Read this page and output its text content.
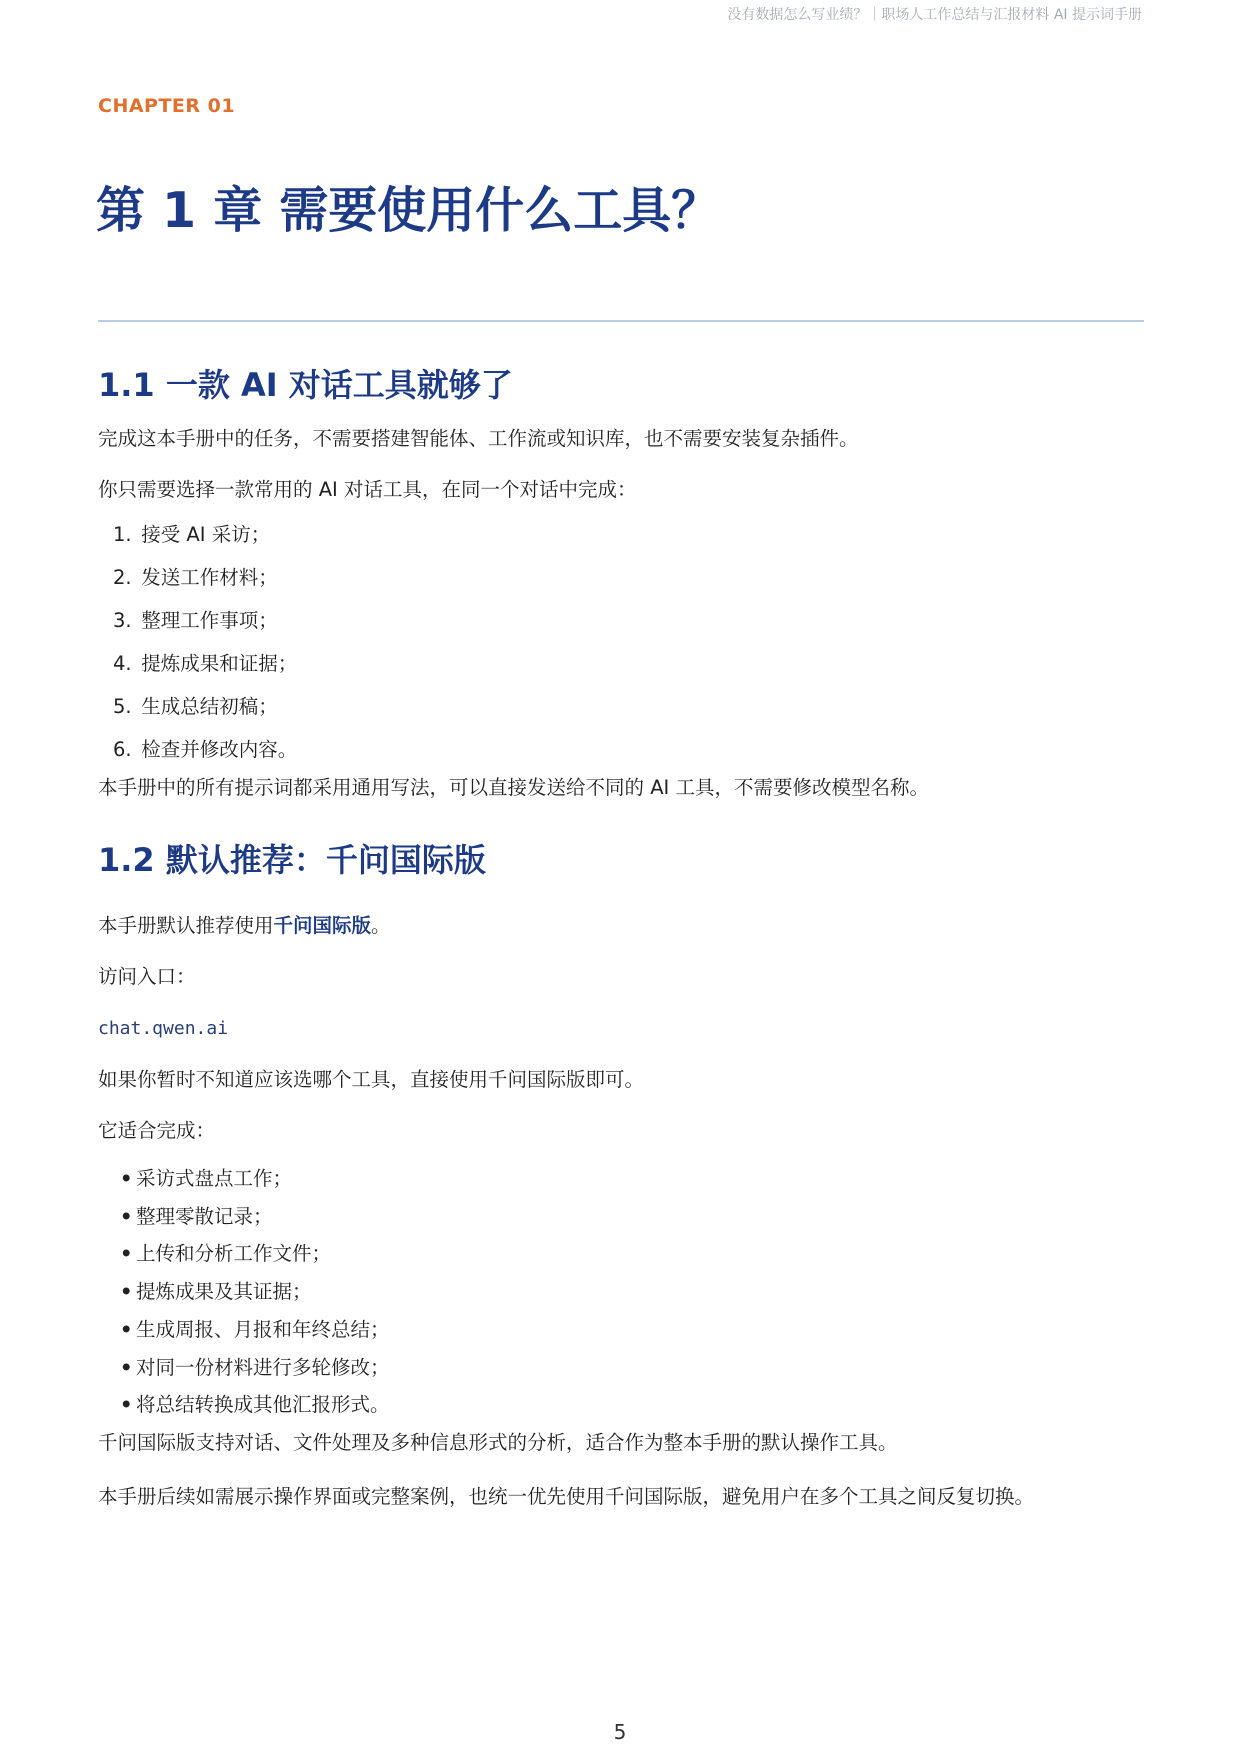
没有数据怎么写业绩？｜职场人工作总结与汇报材料 AI 提示词手册
CHAPTER 01
第 1 章 需要使用什么工具？
1.1 一款 AI 对话工具就够了

完成这本手册中的任务，不需要搭建智能体、工作流或知识库，也不需要安装复杂插件。

你只需要选择一款常用的 AI 对话工具，在同一个对话中完成：

1. 接受 AI 采访；
2. 发送工作材料；
3. 整理工作事项；
4. 提炼成果和证据；
5. 生成总结初稿；
6. 检查并修改内容。

本手册中的所有提示词都采用通用写法，可以直接发送给不同的 AI 工具，不需要修改模型名称。

1.2 默认推荐：千问国际版

本手册默认推荐使用千问国际版。

访问入口：

chat.qwen.ai

如果你暂时不知道应该选哪个工具，直接使用千问国际版即可。

它适合完成：

• 采访式盘点工作；
• 整理零散记录；
• 上传和分析工作文件；
• 提炼成果及其证据；
• 生成周报、月报和年终总结；
• 对同一份材料进行多轮修改；
• 将总结转换成其他汇报形式。

千问国际版支持对话、文件处理及多种信息形式的分析，适合作为整本手册的默认操作工具。

本手册后续如需展示操作界面或完整案例，也统一优先使用千问国际版，避免用户在多个工具之间反复切换。

5
